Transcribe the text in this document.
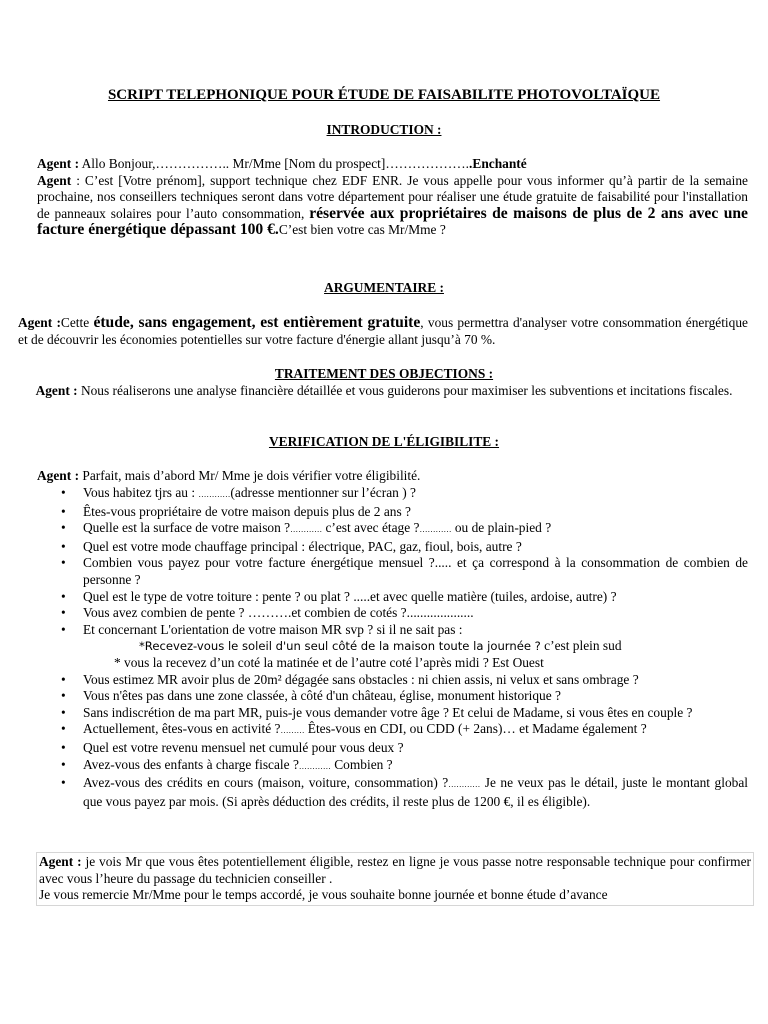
SCRIPT TELEPHONIQUE POUR ÉTUDE DE FAISABILITE PHOTOVOLTAÏQUE
INTRODUCTION :

Agent : Allo Bonjour,…………….. Mr/Mme [Nom du prospect]………………..Enchanté

Agent : C’est [Votre prénom], support technique chez EDF ENR. Je vous appelle pour vous informer qu’à partir de la semaine prochaine, nos conseillers techniques seront dans votre département pour réaliser une étude gratuite de faisabilité pour l'installation de panneaux solaires pour l’auto consommation, réservée aux propriétaires de maisons de plus de 2 ans avec une facture énergétique dépassant 100 €.C’est bien votre cas Mr/Mme ?

ARGUMENTAIRE :

Agent :Cette étude, sans engagement, est entièrement gratuite, vous permettra d'analyser votre consommation énergétique et de découvrir les économies potentielles sur votre facture d'énergie allant jusqu’à 70 %.

TRAITEMENT DES OBJECTIONS :

Agent : Nous réaliserons une analyse financière détaillée et vous guiderons pour maximiser les subventions et incitations fiscales.

VERIFICATION DE L'ÉLIGIBILITE :

Agent : Parfait, mais d’abord Mr/ Mme je dois vérifier votre éligibilité.

• Vous habitez tjrs au : …………(adresse mentionner sur l’écran ) ?
• Êtes-vous propriétaire de votre maison depuis plus de 2 ans ?
• Quelle est la surface de votre maison ?………… c’est avec étage ?………… ou de plain-pied ?
• Quel est votre mode chauffage principal : électrique, PAC, gaz, fioul, bois, autre ?
• Combien vous payez pour votre facture énergétique mensuel ?..... et ça correspond à la consommation de combien de personne ?
• Quel est le type de votre toiture : pente ? ou plat ? .....et avec quelle matière (tuiles, ardoise, autre) ?
• Vous avez combien de pente ? ……….et combien de cotés ?....................
• Et concernant L'orientation de votre maison MR svp ? si il ne sait pas :
*Recevez-vous le soleil d'un seul côté de la maison toute la journée ? c’est plein sud
* vous la recevez d’un coté la matinée et de l’autre coté l’après midi ? Est Ouest
• Vous estimez MR avoir plus de 20m² dégagée sans obstacles : ni chien assis, ni velux et sans ombrage ?
• Vous n'êtes pas dans une zone classée, à côté d'un château, église, monument historique ?
• Sans indiscrétion de ma part MR, puis-je vous demander votre âge ? Et celui de Madame, si vous êtes en couple ?
• Actuellement, êtes-vous en activité ?……… Êtes-vous en CDI, ou CDD (+ 2ans)… et Madame également ?
• Quel est votre revenu mensuel net cumulé pour vous deux ?
• Avez-vous des enfants à charge fiscale ?………… Combien ?
• Avez-vous des crédits en cours (maison, voiture, consommation) ?………… Je ne veux pas le détail, juste le montant global que vous payez par mois. (Si après déduction des crédits, il reste plus de 1200 €, il es éligible).

Agent : je vois Mr que vous êtes potentiellement éligible, restez en ligne je vous passe notre responsable technique pour confirmer avec vous l’heure du passage du technicien conseiller .

Je vous remercie Mr/Mme pour le temps accordé, je vous souhaite bonne journée et bonne étude d’avance
